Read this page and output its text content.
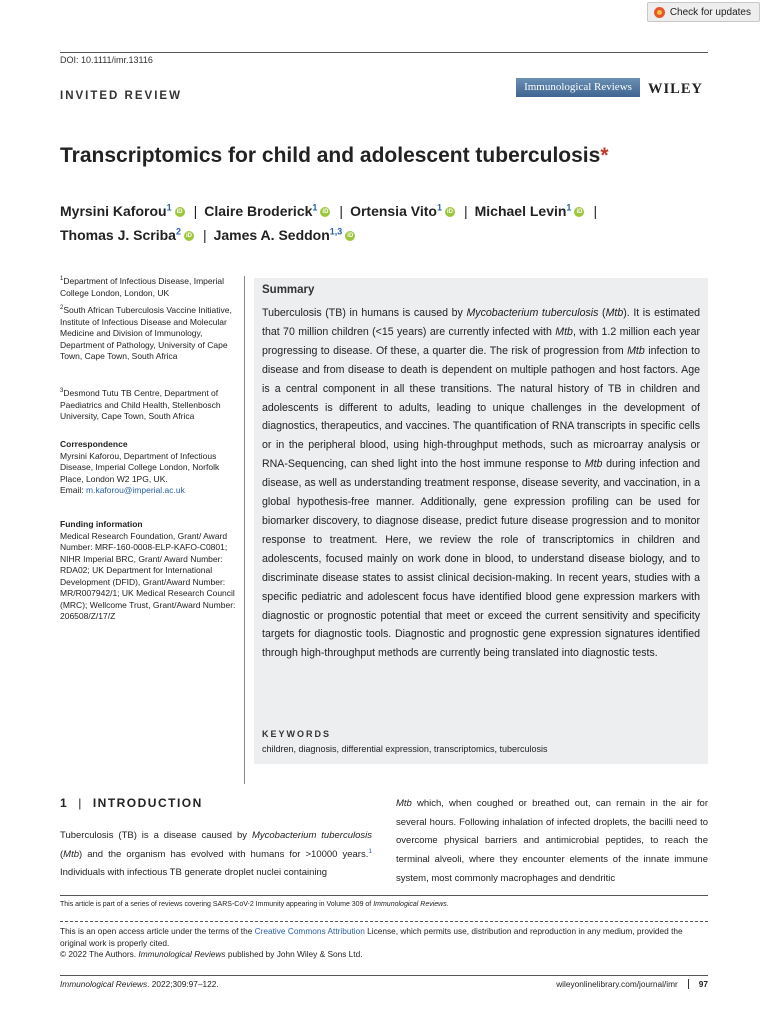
Check for updates
DOI: 10.1111/imr.13116
INVITED REVIEW
Immunological Reviews	WILEY
Transcriptomics for child and adolescent tuberculosis*
Myrsini Kaforou$^1$ iD | Claire Broderick$^1$ iD | Ortensia Vito$^1$ iD | Michael Levin$^1$ iD |
Thomas J. Scriba$^2$ iD | James A. Seddon$^{1,3}$ iD
$^1$Department of Infectious Disease, Imperial College London, London, UK
$^2$South African Tuberculosis Vaccine Initiative, Institute of Infectious Disease and Molecular Medicine and Division of Immunology, Department of Pathology, University of Cape Town, Cape Town, South Africa
$^3$Desmond Tutu TB Centre, Department of Paediatrics and Child Health, Stellenbosch University, Cape Town, South Africa
Correspondence
Myrsini Kaforou, Department of Infectious Disease, Imperial College London, Norfolk Place, London W2 1PG, UK.
Email: m.kaforou@imperial.ac.uk
Funding information
Medical Research Foundation, Grant/ Award Number: MRF-160-0008-ELP-KAFO-C0801; NIHR Imperial BRC, Grant/ Award Number: RDA02; UK Department for International Development (DFID), Grant/Award Number: MR/R007942/1; UK Medical Research Council (MRC); Wellcome Trust, Grant/Award Number: 206508/Z/17/Z
Summary
Tuberculosis (TB) in humans is caused by Mycobacterium tuberculosis (Mtb). It is estimated that 70 million children (<15 years) are currently infected with Mtb, with 1.2 million each year progressing to disease. Of these, a quarter die. The risk of progression from Mtb infection to disease and from disease to death is dependent on multiple pathogen and host factors. Age is a central component in all these transitions. The natural history of TB in children and adolescents is different to adults, leading to unique challenges in the development of diagnostics, therapeutics, and vaccines. The quantification of RNA transcripts in specific cells or in the peripheral blood, using high-throughput methods, such as microarray analysis or RNA-Sequencing, can shed light into the host immune response to Mtb during infection and disease, as well as understanding treatment response, disease severity, and vaccination, in a global hypothesis-free manner. Additionally, gene expression profiling can be used for biomarker discovery, to diagnose disease, predict future disease progression and to monitor response to treatment. Here, we review the role of transcriptomics in children and adolescents, focused mainly on work done in blood, to understand disease biology, and to discriminate disease states to assist clinical decision-making. In recent years, studies with a specific pediatric and adolescent focus have identified blood gene expression markers with diagnostic or prognostic potential that meet or exceed the current sensitivity and specificity targets for diagnostic tools. Diagnostic and prognostic gene expression signatures identified through high-throughput methods are currently being translated into diagnostic tests.
KEYWORDS
children, diagnosis, differential expression, transcriptomics, tuberculosis
1 | INTRODUCTION
Tuberculosis (TB) is a disease caused by Mycobacterium tuberculosis (Mtb) and the organism has evolved with humans for >10000 years.$^1$ Individuals with infectious TB generate droplet nuclei containing
Mtb which, when coughed or breathed out, can remain in the air for several hours. Following inhalation of infected droplets, the bacilli need to overcome physical barriers and antimicrobial peptides, to reach the terminal alveoli, where they encounter elements of the innate immune system, most commonly macrophages and dendritic
This article is part of a series of reviews covering SARS-CoV-2 Immunity appearing in Volume 309 of Immunological Reviews.
This is an open access article under the terms of the Creative Commons Attribution License, which permits use, distribution and reproduction in any medium, provided the original work is properly cited.
© 2022 The Authors. Immunological Reviews published by John Wiley & Sons Ltd.
Immunological Reviews. 2022;309:97–122.	wileyonlinelibrary.com/journal/imr	97
